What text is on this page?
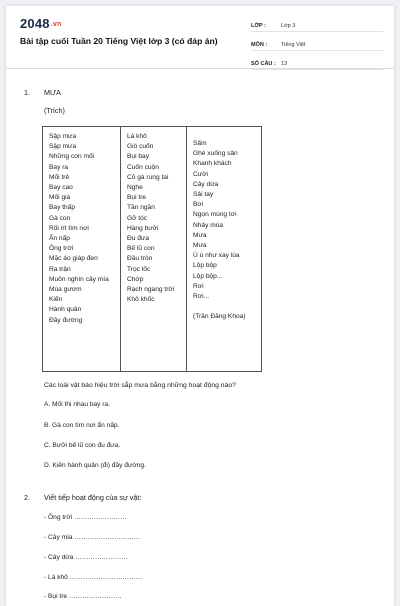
2048.vn
Bài tập cuối Tuần 20 Tiếng Việt lớp 3 (có đáp án)
LỚP :	Lớp 3
MÔN :	Tiếng Việt
SỐ CÂU : 13
1. MƯA
(Trích)
Sập mưa
Sập mưa
Những con mối
Bay ra
Mối trẻ
Bay cao
Mối già
Bay thấp
Gà con
Rối rít tìm nơi
Ẩn nấp
Ông trời
Mặc áo giáp đen
Ra trận
Muôn nghìn cây mía
Múa gươm
Kiến
Hành quân
Đầy đường
Lá khô
Gió cuốn
Bụi bay
Cuốn cuộn
Cỏ gà rung tai
Nghe
Bụi tre
Tần ngần
Gỡ tóc
Hàng bưởi
Đu đưa
Bế lũ con
Đầu tròn
Trọc lốc
Chớp
Rạch ngang trời
Khô khốc
Sấm
Ghé xuống sân
Khanh khách
Cười
Cây dừa
Sải tay
Bơi
Ngọn mùng tơi
Nhảy múa
Mưa
Mưa
Ù ù như xay lúa
Lộp bộp
Lộp bộp...
Rơi
Rơi...

(Trần Đăng Khoa)
Các loài vật báo hiệu trời sắp mưa bằng những hoạt động nào?
A. Mối thi nhau bay ra.
B. Gà con tìm nơi ẩn nấp.
C. Bưởi bế lũ con đu đưa.
D. Kiến hành quân (đi) đầy đường.
2. Viết tiếp hoạt động của sự vật:
- Ông trời ……………………
- Cây mía …………………………
- Cây dừa ……………………
- Lá khô ……………………………
- Bụi tre ……………………
